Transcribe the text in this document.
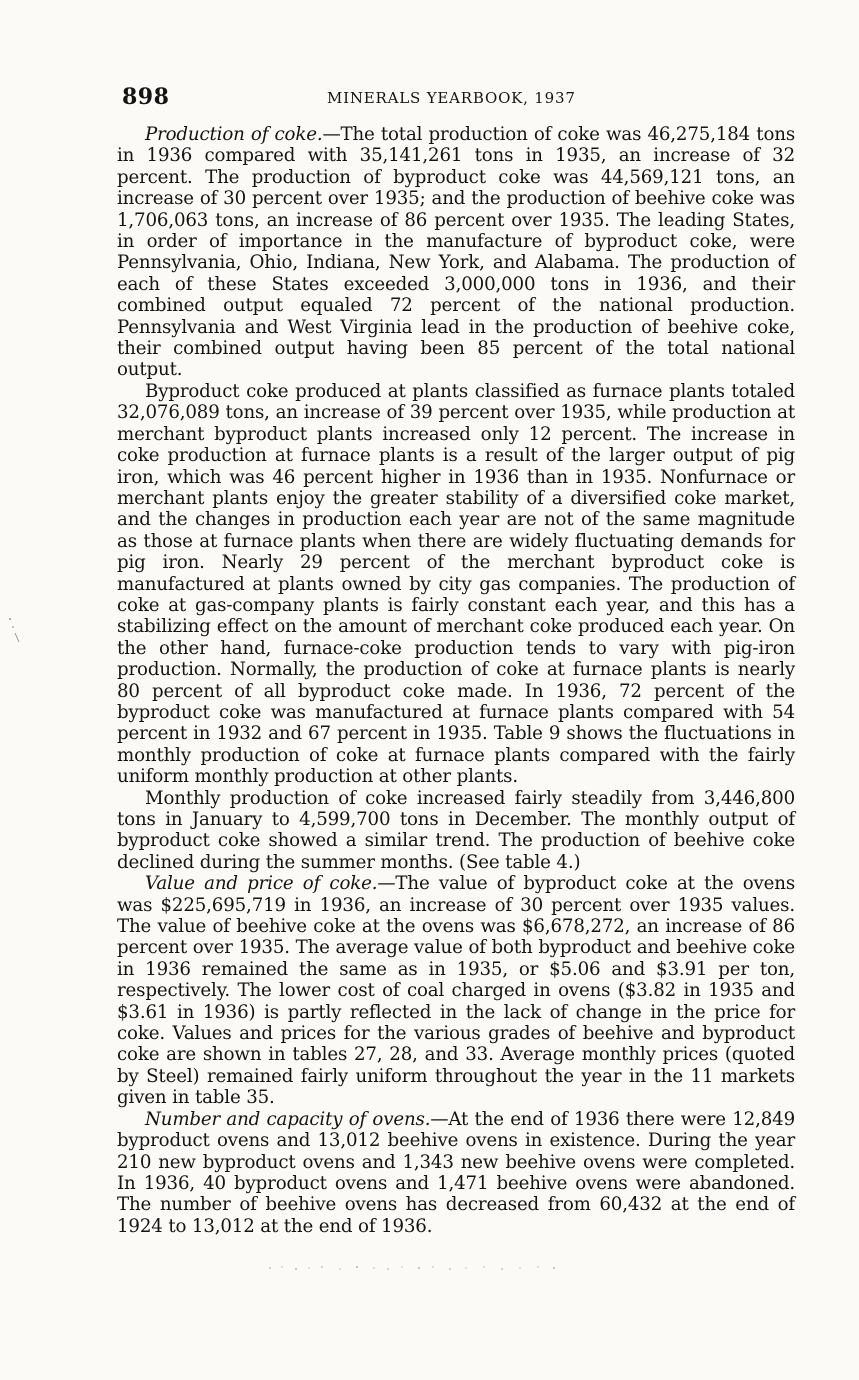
898	MINERALS YEARBOOK, 1937

Production of coke.—The total production of coke was 46,275,184 tons in 1936 compared with 35,141,261 tons in 1935, an increase of 32 percent. The production of byproduct coke was 44,569,121 tons, an increase of 30 percent over 1935; and the production of beehive coke was 1,706,063 tons, an increase of 86 percent over 1935. The leading States, in order of importance in the manufacture of byproduct coke, were Pennsylvania, Ohio, Indiana, New York, and Alabama. The production of each of these States exceeded 3,000,000 tons in 1936, and their combined output equaled 72 percent of the national production. Pennsylvania and West Virginia lead in the production of beehive coke, their combined output having been 85 percent of the total national output.

Byproduct coke produced at plants classified as furnace plants totaled 32,076,089 tons, an increase of 39 percent over 1935, while production at merchant byproduct plants increased only 12 percent. The increase in coke production at furnace plants is a result of the larger output of pig iron, which was 46 percent higher in 1936 than in 1935. Nonfurnace or merchant plants enjoy the greater stability of a diversified coke market, and the changes in production each year are not of the same magnitude as those at furnace plants when there are widely fluctuating demands for pig iron. Nearly 29 percent of the merchant byproduct coke is manufactured at plants owned by city gas companies. The production of coke at gas-company plants is fairly constant each year, and this has a stabilizing effect on the amount of merchant coke produced each year. On the other hand, furnace-coke production tends to vary with pig-iron production. Normally, the production of coke at furnace plants is nearly 80 percent of all byproduct coke made. In 1936, 72 percent of the byproduct coke was manufactured at furnace plants compared with 54 percent in 1932 and 67 percent in 1935. Table 9 shows the fluctuations in monthly production of coke at furnace plants compared with the fairly uniform monthly production at other plants.

Monthly production of coke increased fairly steadily from 3,446,800 tons in January to 4,599,700 tons in December. The monthly output of byproduct coke showed a similar trend. The production of beehive coke declined during the summer months. (See table 4.)

Value and price of coke.—The value of byproduct coke at the ovens was $225,695,719 in 1936, an increase of 30 percent over 1935 values. The value of beehive coke at the ovens was $6,678,272, an increase of 86 percent over 1935. The average value of both byproduct and beehive coke in 1936 remained the same as in 1935, or $5.06 and $3.91 per ton, respectively. The lower cost of coal charged in ovens ($3.82 in 1935 and $3.61 in 1936) is partly reflected in the lack of change in the price for coke. Values and prices for the various grades of beehive and byproduct coke are shown in tables 27, 28, and 33. Average monthly prices (quoted by Steel) remained fairly uniform throughout the year in the 11 markets given in table 35.

Number and capacity of ovens.—At the end of 1936 there were 12,849 byproduct ovens and 13,012 beehive ovens in existence. During the year 210 new byproduct ovens and 1,343 new beehive ovens were completed. In 1936, 40 byproduct ovens and 1,471 beehive ovens were abandoned. The number of beehive ovens has decreased from 60,432 at the end of 1924 to 13,012 at the end of 1936.
